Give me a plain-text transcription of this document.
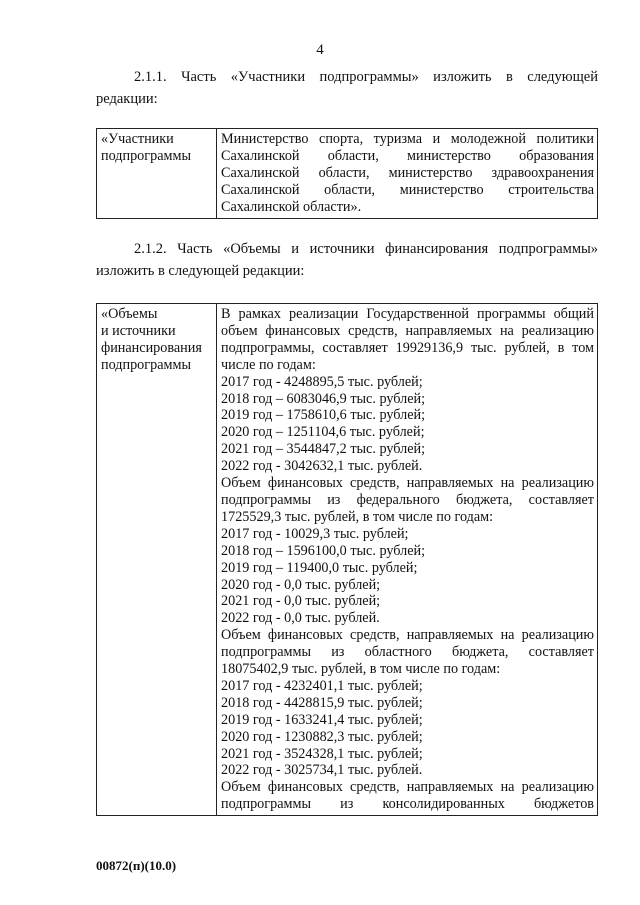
4
2.1.1. Часть «Участники подпрограммы» изложить в следующей
редакции:
«Участники
подпрограммы

Министерство спорта, туризма и молодежной политики
Сахалинской области, министерство образования
Сахалинской области, министерство здравоохранения
Сахалинской области, министерство строительства
Сахалинской области».
2.1.2. Часть «Объемы и источники финансирования подпрограммы»
изложить в следующей редакции:
«Объемы
и источники
финансирования
подпрограммы

В рамках реализации Государственной программы общий
объем финансовых средств, направляемых на реализацию
подпрограммы, составляет 19929136,9 тыс. рублей, в том
числе по годам:
2017 год - 4248895,5 тыс. рублей;
2018 год – 6083046,9 тыс. рублей;
2019 год – 1758610,6 тыс. рублей;
2020 год – 1251104,6 тыс. рублей;
2021 год – 3544847,2 тыс. рублей;
2022 год - 3042632,1 тыс. рублей.
Объем финансовых средств, направляемых на реализацию
подпрограммы из федерального бюджета, составляет
1725529,3 тыс. рублей, в том числе по годам:
2017 год - 10029,3 тыс. рублей;
2018 год – 1596100,0 тыс. рублей;
2019 год – 119400,0 тыс. рублей;
2020 год - 0,0 тыс. рублей;
2021 год - 0,0 тыс. рублей;
2022 год - 0,0 тыс. рублей.
Объем финансовых средств, направляемых на реализацию
подпрограммы из областного бюджета, составляет
18075402,9 тыс. рублей, в том числе по годам:
2017 год - 4232401,1 тыс. рублей;
2018 год - 4428815,9 тыс. рублей;
2019 год - 1633241,4 тыс. рублей;
2020 год - 1230882,3 тыс. рублей;
2021 год - 3524328,1 тыс. рублей;
2022 год - 3025734,1 тыс. рублей.
Объем финансовых средств, направляемых на реализацию
подпрограммы из консолидированных бюджетов
00872(п)(10.0)
